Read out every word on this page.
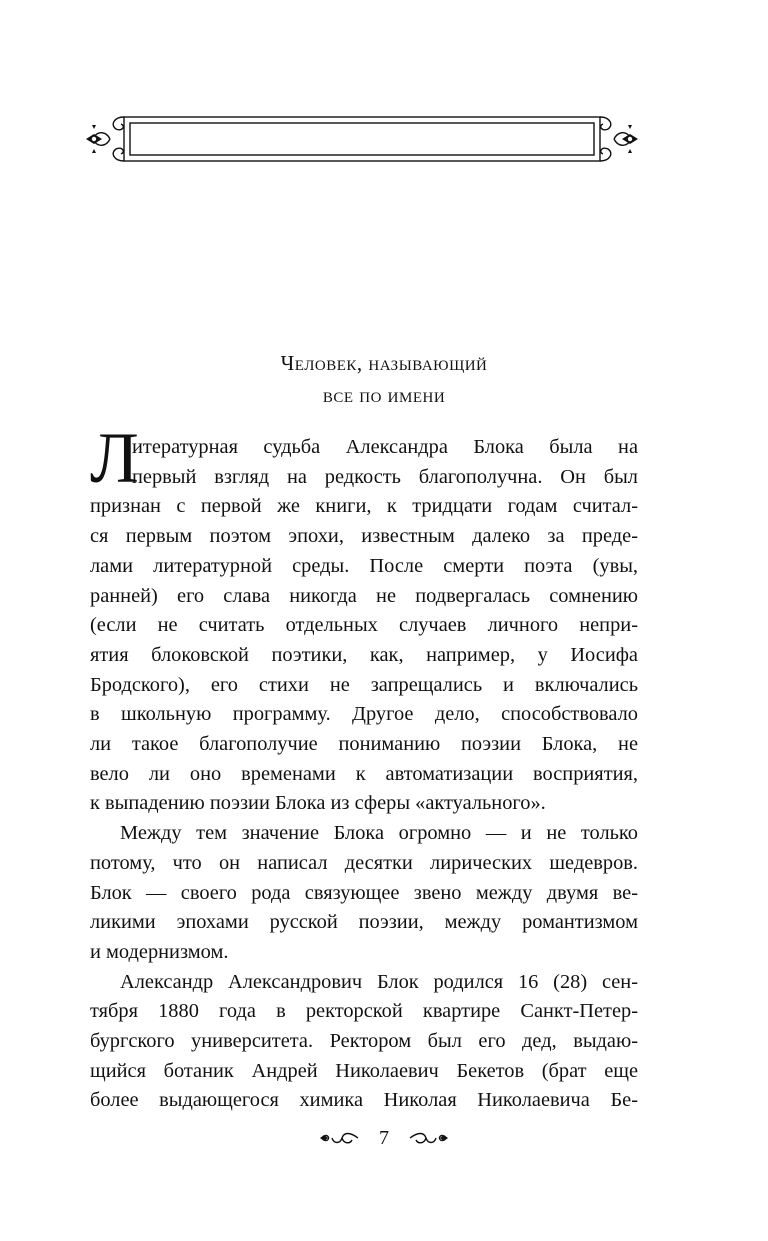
Человек, называющий
все по имени
Л

итературная судьба Александра Блока была на
первый взгляд на редкость благополучна. Он был
признан с первой же книги, к тридцати годам считал-
ся первым поэтом эпохи, известным далеко за преде-
лами литературной среды. После смерти поэта (увы,
ранней) его слава никогда не подвергалась сомнению
(если не считать отдельных случаев личного непри-
ятия блоковской поэтики, как, например, у Иосифа
Бродского), его стихи не запрещались и включались
в школьную программу. Другое дело, способствовало
ли такое благополучие пониманию поэзии Блока, не
вело ли оно временами к автоматизации восприятия,
к выпадению поэзии Блока из сферы «актуального».

Между тем значение Блока огромно — и не только
потому, что он написал десятки лирических шедевров.
Блок — своего рода связующее звено между двумя ве-
ликими эпохами русской поэзии, между романтизмом
и модернизмом.

Александр Александрович Блок родился 16 (28) сен-
тября 1880 года в ректорской квартире Санкт-Петер-
бургского университета. Ректором был его дед, выдаю-
щийся ботаник Андрей Николаевич Бекетов (брат еще
более выдающегося химика Николая Николаевича Бе-

7
